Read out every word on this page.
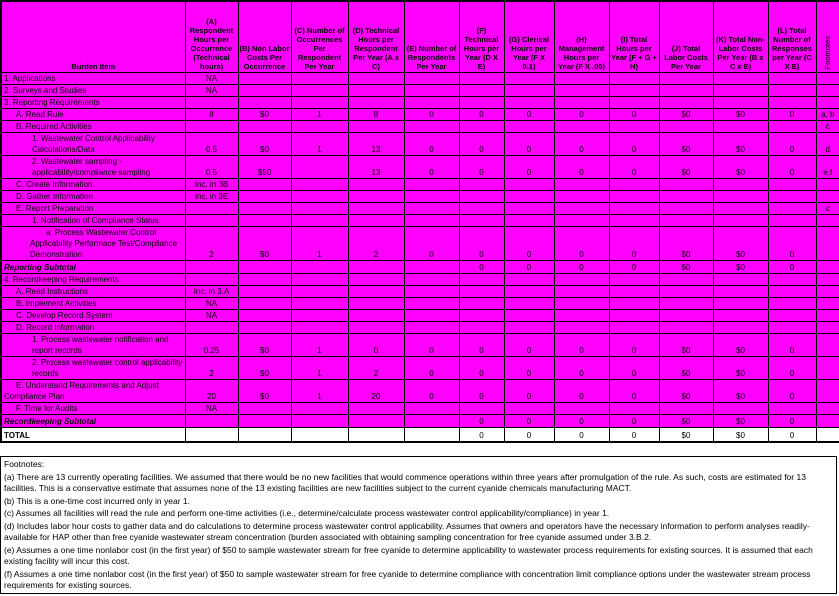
Burden Item	(A) Respondent Hours per Occurrence (Technical hours)	(B) Non Labor Costs Per Occurrence	(C) Number of Occurrences Per Respondent Per Year	(D) Technical Hours per Respondent Per Year (A x C)	(E) Number of Respondents Per Year	(F) Technical Hours per Year (D X E)	(G) Clerical Hours per Year (F X 0.1)	(H) Management Hours per Year (F X .05)	(I) Total Hours per Year (F + G + H)	(J) Total Labor Costs Per Year	(K) Total Non-Labor Costs Per Year (B x C x E)	(L) Total Number of Responses per Year (C X E)	Footnotes
1. Applications	NA												
2. Surveys and Studies	NA												
3. Reporting Requirements													
A. Read Rule	8	$0	1	8	0	0	0	0	0	$0	$0	0	a, b
B. Required Activities													c
1. Wastewater Control Applicability Calculations/Data	0.5	$0	1	13	0	0	0	0	0	$0	$0	0	d
2. Wastewater sampling - applicability/compliance sampling	0.5	$50		13	0	0	0	0	0	$0	$0	0	e,f
C. Create Information	Inc. in 3B												
D. Gather Information	Inc. in 3E												
E. Report Preparation													c
1. Notification of Compliance Status													
a. Process Wastewater Control Applicability Performace Test/Compliance Demonstration	2	$0	1	2	0	0	0	0	0	$0	$0	0	
Reporting Subtotal						0	0	0	0	$0	$0	0	
4. Recordkeeping Requirements													
A. Read Instructions	Inc. in 3.A												
B. Implement Activities	NA												
C. Develop Record System	NA												
D. Record Information													
1. Process wastewater notification and report records	0.25	$0	1	0	0	0	0	0	0	$0	$0	0	
2. Process wastewater control applicability records	2	$0	1	2	0	0	0	0	0	$0	$0	0	
E. Understand Requirements and Adjust Compliance Plan	20	$0	1	20	0	0	0	0	0	$0	$0	0	
F. Time for Audits	NA												
Recordkeeping Subtotal						0	0	0	0	$0	$0	0	
TOTAL						0	0	0	0	$0	$0	0	
Footnotes:
(a) There are 13 currently operating facilities. We assumed that there would be no new facilities that would commence operations within three years after promulgation of the rule. As such, costs are estimated for 13 facilities. This is a conservative estimate that assumes none of the 13 existing facilities are new facilities subject to the current cyanide chemicals manufacturing MACT.
(b) This is a one-time cost incurred only in year 1.
(c) Assumes all facilities will read the rule and perform one-time activities (i.e., determine/calculate process wastewater control applicability/compliance) in year 1.
(d) Includes labor hour costs to gather data and do calculations to determine process wastewater control applicability. Assumes that owners and operators have the necessary information to perform analyses readily-available for HAP other than free cyanide wastewater stream concentration (burden associated with obtaining sampling concentration for free cyanide assumed under 3.B.2.
(e) Assumes a one time nonlabor cost (in the first year) of $50 to sample wastewater stream for free cyanide to determine applicability to wastewater process requirements for existing sources. It is assumed that each existing facility will incur this cost.
(f) Assumes a one time nonlabor cost (in the first year) of $50 to sample wastewater stream for free cyanide to determine compliance with concentration limit compliance options under the wastewater stream process requirements for existing sources.
